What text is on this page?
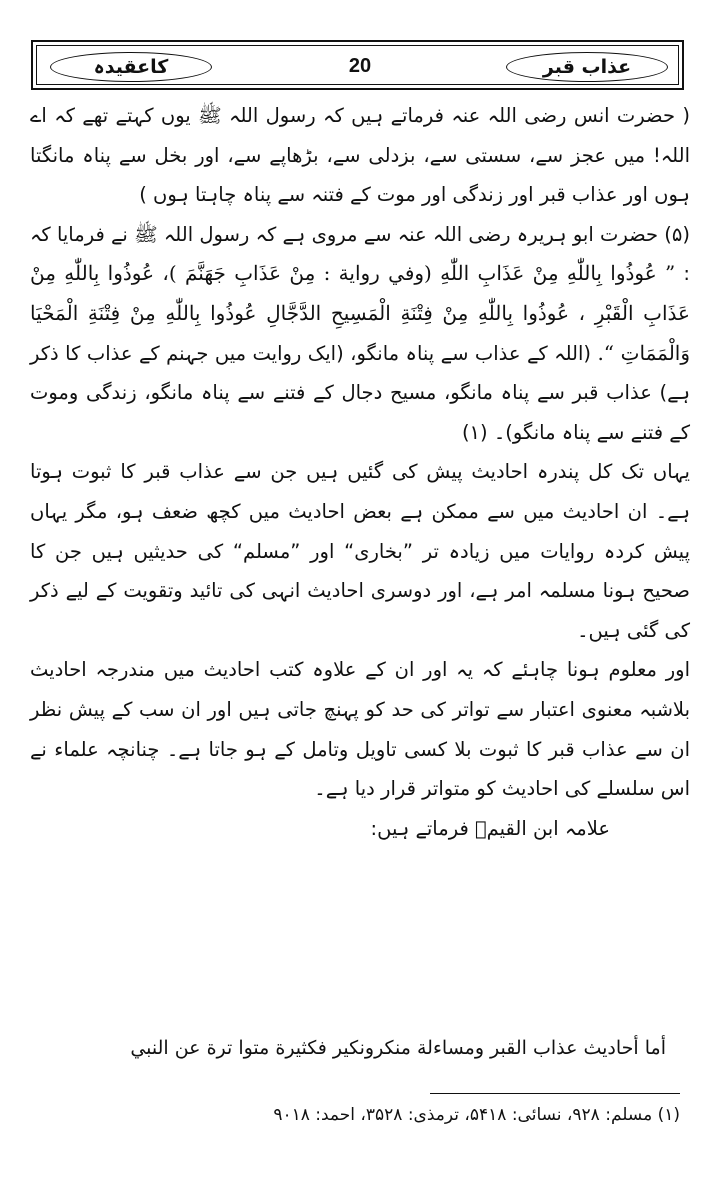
عذاب قبر
20
کاعقیدہ

( حضرت انس رضی اللہ عنہ فرماتے ہیں کہ رسول اللہ ﷺ یوں کہتے تھے کہ اے اللہ! میں عجز سے، سستی سے، بزدلی سے، بڑھاپے سے، اور بخل سے پناہ مانگتا ہوں اور عذاب قبر اور زندگی اور موت کے فتنہ سے پناہ چاہتا ہوں )

(۵) حضرت ابو ہریرہ رضی اللہ عنہ سے مروی ہے کہ رسول اللہ ﷺ نے فرمایا کہ : ” عُوذُوا بِاللّٰهِ مِنْ عَذَابِ اللّٰهِ (وفي رواية : مِنْ عَذَابِ جَهَنَّمَ )، عُوذُوا بِاللّٰهِ مِنْ عَذَابِ الْقَبْرِ ، عُوذُوا بِاللّٰهِ مِنْ فِتْنَةِ الْمَسِيحِ الدَّجَّالِ عُوذُوا بِاللّٰهِ مِنْ فِتْنَةِ الْمَحْيَا وَالْمَمَاتِ “. (اللہ کے عذاب سے پناہ مانگو، (ایک روایت میں جہنم کے عذاب کا ذکر ہے) عذاب قبر سے پناہ مانگو، مسیح دجال کے فتنے سے پناہ مانگو، زندگی وموت کے فتنے سے پناہ مانگو)۔ (۱)

یہاں تک کل پندرہ احادیث پیش کی گئیں ہیں جن سے عذاب قبر کا ثبوت ہوتا ہے۔ ان احادیث میں سے ممکن ہے بعض احادیث میں کچھ ضعف ہو، مگر یہاں پیش کردہ روایات میں زیادہ تر ”بخاری“ اور ”مسلم“ کی حدیثیں ہیں جن کا صحیح ہونا مسلمہ امر ہے، اور دوسری احادیث انہی کی تائید وتقویت کے لیے ذکر کی گئی ہیں۔

اور معلوم ہونا چاہئے کہ یہ اور ان کے علاوہ کتب احادیث میں مندرجہ احادیث بلاشبہ معنوی اعتبار سے تواتر کی حد کو پہنچ جاتی ہیں اور ان سب کے پیش نظر ان سے عذاب قبر کا ثبوت بلا کسی تاویل وتامل کے ہو جاتا ہے۔ چنانچہ علماء نے اس سلسلے کی احادیث کو متواتر قرار دیا ہے۔

علامہ ابن القیمؒ فرماتے ہیں:

أما أحاديث عذاب القبر ومساءلة منكرونكير فكثيرة متوا ترة عن النبي
(۱) مسلم: ۹۲۸، نسائی: ۵۴۱۸، ترمذی: ۳۵۲۸، احمد: ۹۰۱۸
